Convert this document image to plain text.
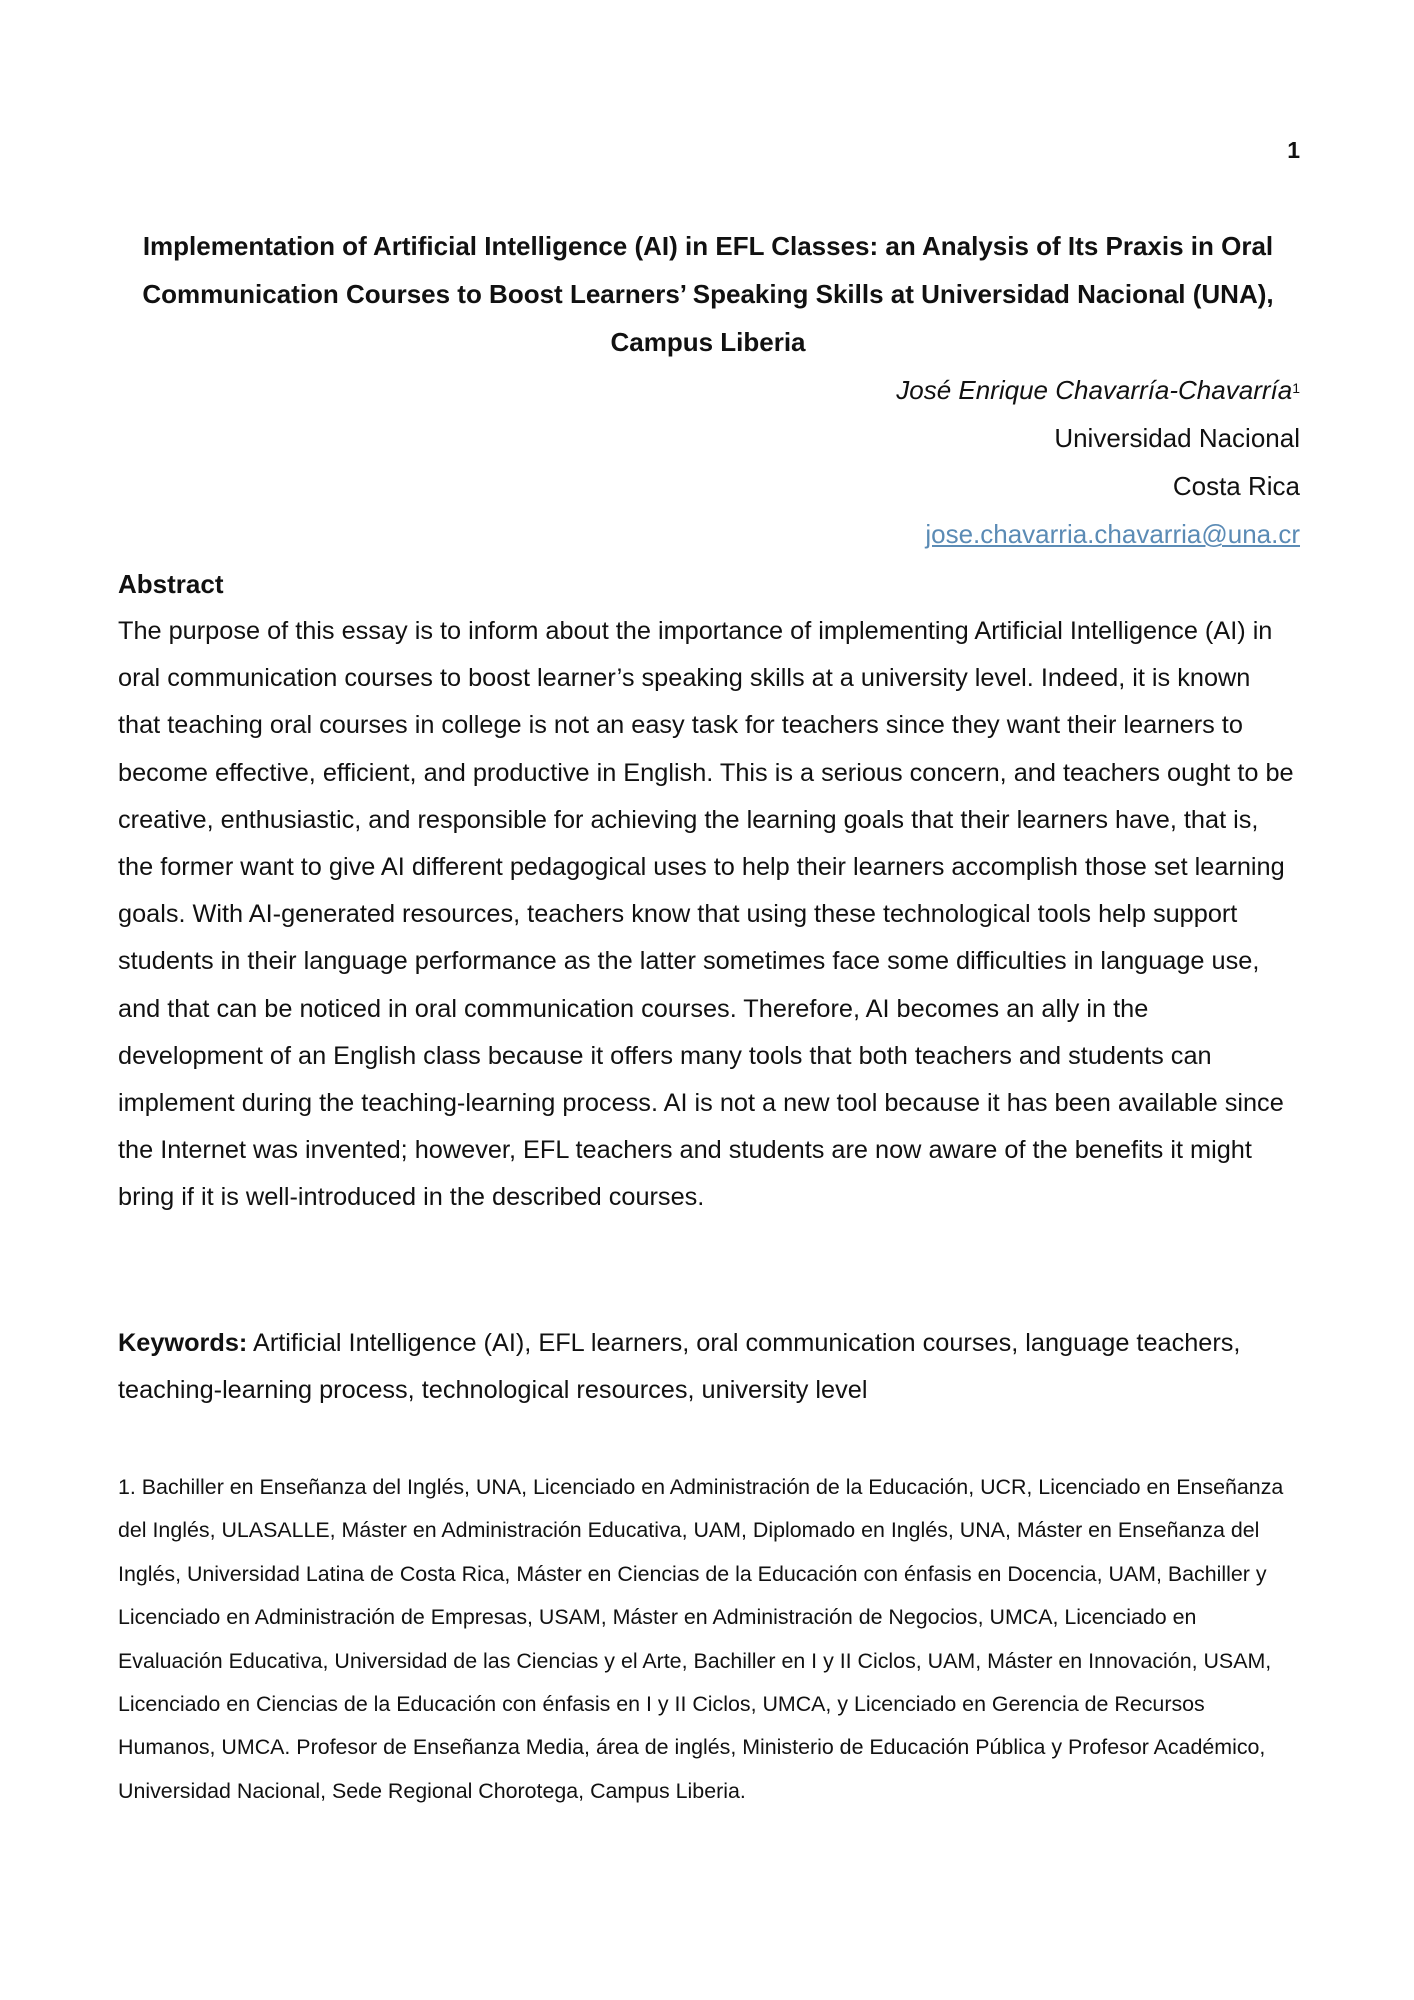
1
Implementation of Artificial Intelligence (AI) in EFL Classes: an Analysis of Its Praxis in Oral Communication Courses to Boost Learners’ Speaking Skills at Universidad Nacional (UNA), Campus Liberia
José Enrique Chavarría-Chavarría$^1$
Universidad Nacional
Costa Rica
jose.chavarria.chavarria@una.cr
Abstract

The purpose of this essay is to inform about the importance of implementing Artificial Intelligence (AI) in oral communication courses to boost learner’s speaking skills at a university level. Indeed, it is known that teaching oral courses in college is not an easy task for teachers since they want their learners to become effective, efficient, and productive in English. This is a serious concern, and teachers ought to be creative, enthusiastic, and responsible for achieving the learning goals that their learners have, that is, the former want to give AI different pedagogical uses to help their learners accomplish those set learning goals. With AI-generated resources, teachers know that using these technological tools help support students in their language performance as the latter sometimes face some difficulties in language use, and that can be noticed in oral communication courses. Therefore, AI becomes an ally in the development of an English class because it offers many tools that both teachers and students can implement during the teaching-learning process. AI is not a new tool because it has been available since the Internet was invented; however, EFL teachers and students are now aware of the benefits it might bring if it is well-introduced in the described courses.

Keywords: Artificial Intelligence (AI), EFL learners, oral communication courses, language teachers, teaching-learning process, technological resources, university level

1. Bachiller en Enseñanza del Inglés, UNA, Licenciado en Administración de la Educación, UCR, Licenciado en Enseñanza del Inglés, ULASALLE, Máster en Administración Educativa, UAM, Diplomado en Inglés, UNA, Máster en Enseñanza del Inglés, Universidad Latina de Costa Rica, Máster en Ciencias de la Educación con énfasis en Docencia, UAM, Bachiller y Licenciado en Administración de Empresas, USAM, Máster en Administración de Negocios, UMCA, Licenciado en Evaluación Educativa, Universidad de las Ciencias y el Arte, Bachiller en I y II Ciclos, UAM, Máster en Innovación, USAM, Licenciado en Ciencias de la Educación con énfasis en I y II Ciclos, UMCA, y Licenciado en Gerencia de Recursos Humanos, UMCA. Profesor de Enseñanza Media, área de inglés, Ministerio de Educación Pública y Profesor Académico, Universidad Nacional, Sede Regional Chorotega, Campus Liberia.
